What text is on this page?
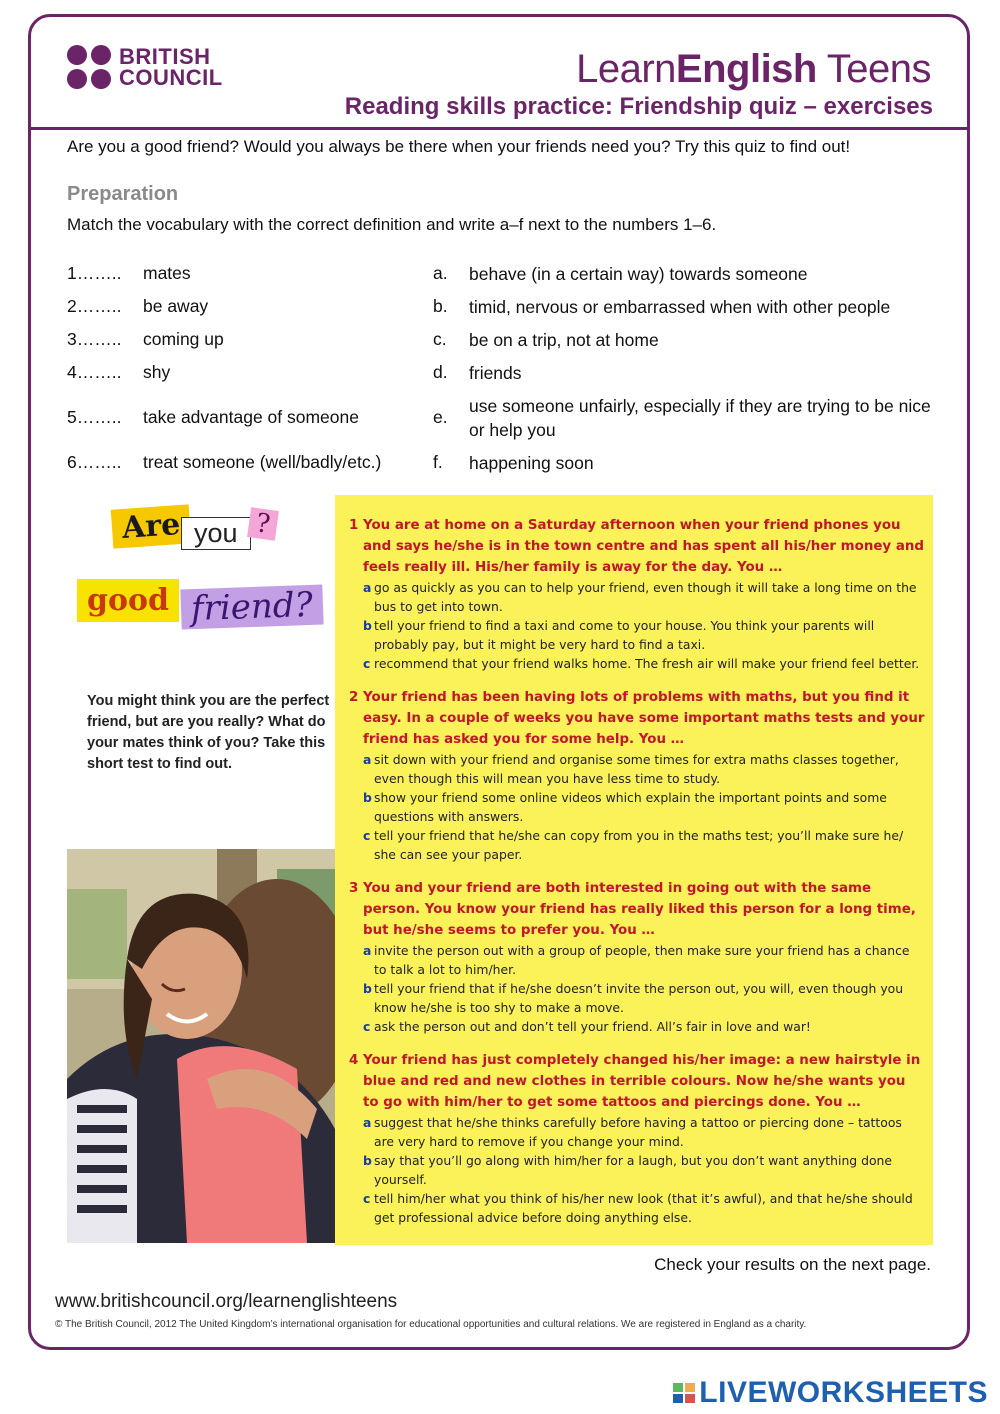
BRITISH
COUNCIL	LearnEnglish Teens
Reading skills practice: Friendship quiz – exercises
Are you a good friend? Would you always be there when your friends need you? Try this quiz to find out!
Preparation
Match the vocabulary with the correct definition and write a–f next to the numbers 1–6.
1……..	mates	a.	behave (in a certain way) towards someone
2……..	be away	b.	timid, nervous or embarrassed when with other people
3……..	coming up	c.	be on a trip, not at home
4……..	shy	d.	friends
5……..	take advantage of someone	e.
use someone unfairly, especially if they are trying to be nice or help you
6……..	treat someone (well/badly/etc.)	f.	happening soon
Are you ?
good friend?
You might think you are the perfect friend, but are you really? What do your mates think of you? Take this short test to find out.
1 You are at home on a Saturday afternoon when your friend phones you and says he/she is in the town centre and has spent all his/her money and feels really ill. His/her family is away for the day. You …
a go as quickly as you can to help your friend, even though it will take a long time on the bus to get into town.
b tell your friend to find a taxi and come to your house. You think your parents will probably pay, but it might be very hard to find a taxi.
c recommend that your friend walks home. The fresh air will make your friend feel better.
2 Your friend has been having lots of problems with maths, but you find it easy. In a couple of weeks you have some important maths tests and your friend has asked you for some help. You …
a sit down with your friend and organise some times for extra maths classes together, even though this will mean you have less time to study.
b show your friend some online videos which explain the important points and some questions with answers.
c tell your friend that he/she can copy from you in the maths test; you’ll make sure he/ she can see your paper.
3 You and your friend are both interested in going out with the same person. You know your friend has really liked this person for a long time, but he/she seems to prefer you. You …
a invite the person out with a group of people, then make sure your friend has a chance to talk a lot to him/her.
b tell your friend that if he/she doesn’t invite the person out, you will, even though you know he/she is too shy to make a move.
c ask the person out and don’t tell your friend. All’s fair in love and war!
4 Your friend has just completely changed his/her image: a new hairstyle in blue and red and new clothes in terrible colours. Now he/she wants you to go with him/her to get some tattoos and piercings done. You …
a suggest that he/she thinks carefully before having a tattoo or piercing done – tattoos are very hard to remove if you change your mind.
b say that you’ll go along with him/her for a laugh, but you don’t want anything done yourself.
c tell him/her what you think of his/her new look (that it’s awful), and that he/she should get professional advice before doing anything else.
Check your results on the next page.
www.britishcouncil.org/learnenglishteens
© The British Council, 2012 The United Kingdom’s international organisation for educational opportunities and cultural relations. We are registered in England as a charity.
LIVEWORKSHEETS
